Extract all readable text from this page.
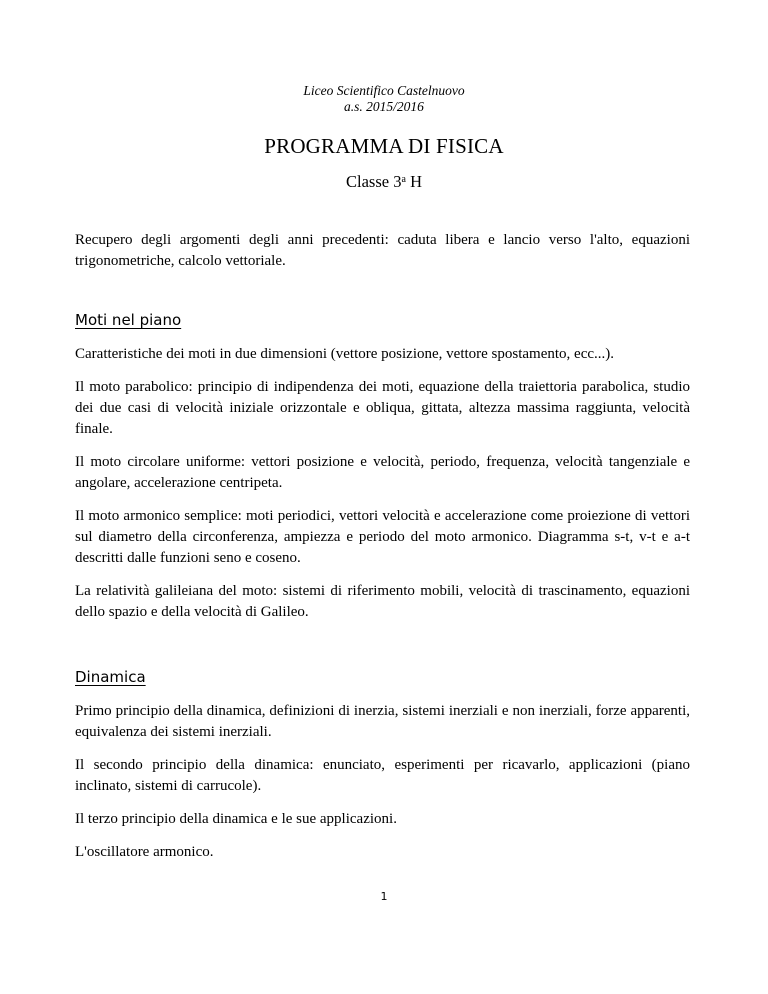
Liceo Scientifico Castelnuovo
a.s. 2015/2016
PROGRAMMA DI FISICA
Classe 3$^a$ H

Recupero degli argomenti degli anni precedenti: caduta libera e lancio verso l'alto, equazioni trigonometriche, calcolo vettoriale.

Moti nel piano

Caratteristiche dei moti in due dimensioni (vettore posizione, vettore spostamento, ecc...).

Il moto parabolico: principio di indipendenza dei moti, equazione della traiettoria parabolica, studio dei due casi di velocità iniziale orizzontale e obliqua, gittata, altezza massima raggiunta, velocità finale.

Il moto circolare uniforme: vettori posizione e velocità, periodo, frequenza, velocità tangenziale e angolare, accelerazione centripeta.

Il moto armonico semplice: moti periodici, vettori velocità e accelerazione come proiezione di vettori sul diametro della circonferenza, ampiezza e periodo del moto armonico. Diagramma s-t, v-t e a-t descritti dalle funzioni seno e coseno.

La relatività galileiana del moto: sistemi di riferimento mobili, velocità di trascinamento, equazioni dello spazio e della velocità di Galileo.

Dinamica

Primo principio della dinamica, definizioni di inerzia, sistemi inerziali e non inerziali, forze apparenti, equivalenza dei sistemi inerziali.

Il secondo principio della dinamica: enunciato, esperimenti per ricavarlo, applicazioni (piano inclinato, sistemi di carrucole).

Il terzo principio della dinamica e le sue applicazioni.

L'oscillatore armonico.

1
